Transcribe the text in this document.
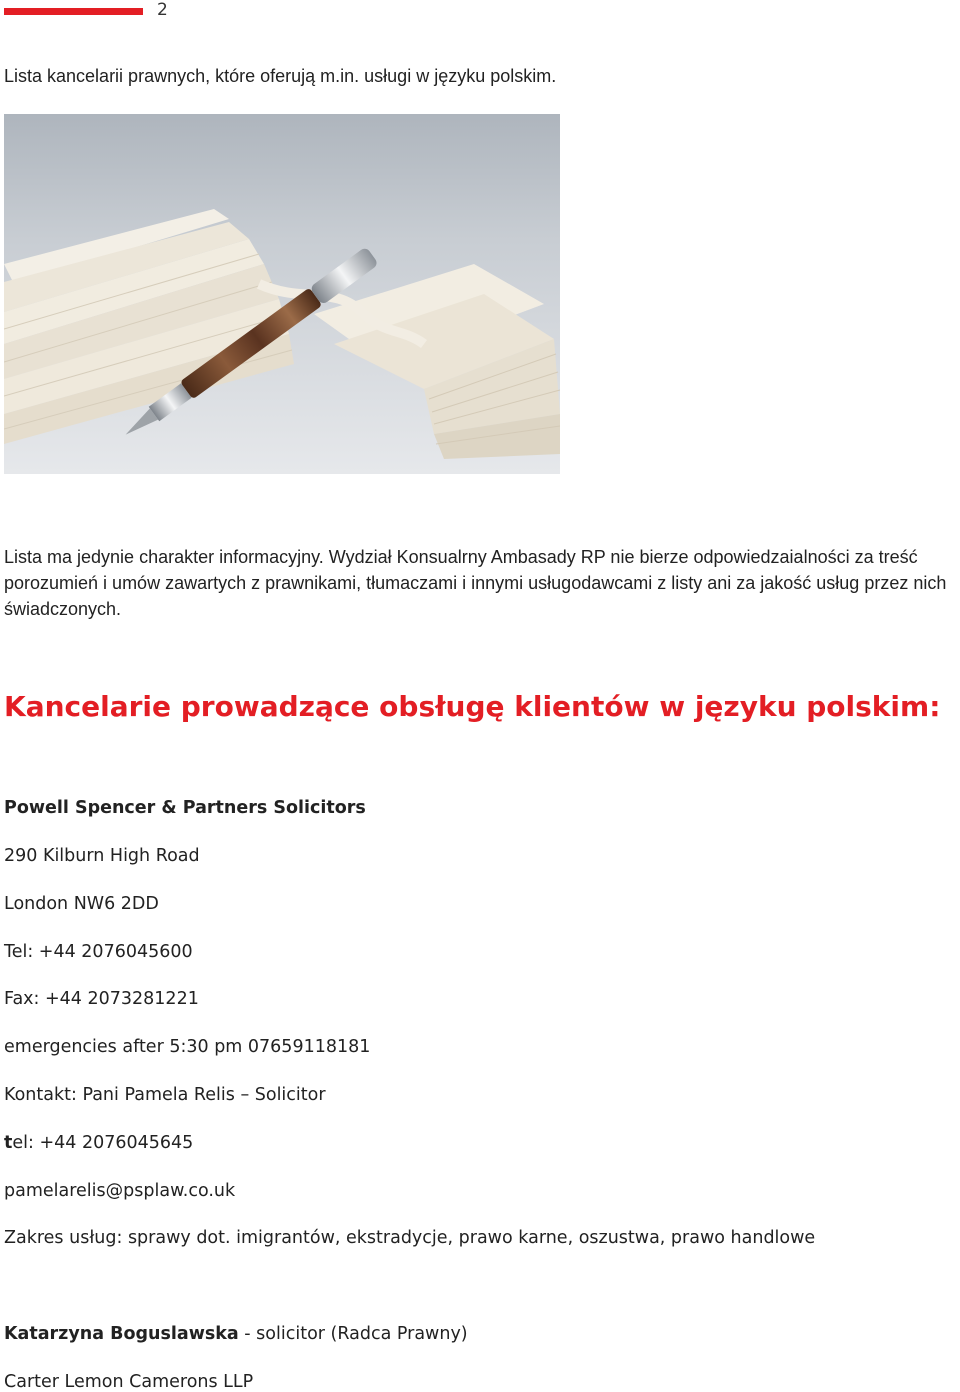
2

Lista kancelarii prawnych, które oferują m.in. usługi w języku polskim.

Lista ma jedynie charakter informacyjny. Wydział Konsualrny Ambasady RP nie bierze odpowiedzaialności za treść porozumień i umów zawartych z prawnikami, tłumaczami i innymi usługodawcami z listy ani za jakość usług przez nich świadczonych.

Kancelarie prowadzące obsługę klientów w języku polskim:
Powell Spencer & Partners Solicitors
290 Kilburn High Road
London NW6 2DD
Tel: +44 2076045600
Fax: +44 2073281221
emergencies after 5:30 pm 07659118181
Kontakt: Pani Pamela Relis – Solicitor
tel: +44 2076045645
pamelarelis@psplaw.co.uk
Zakres usług: sprawy dot. imigrantów, ekstradycje, prawo karne, oszustwa, prawo handlowe
Katarzyna Boguslawska - solicitor (Radca Prawny)
Carter Lemon Camerons LLP
